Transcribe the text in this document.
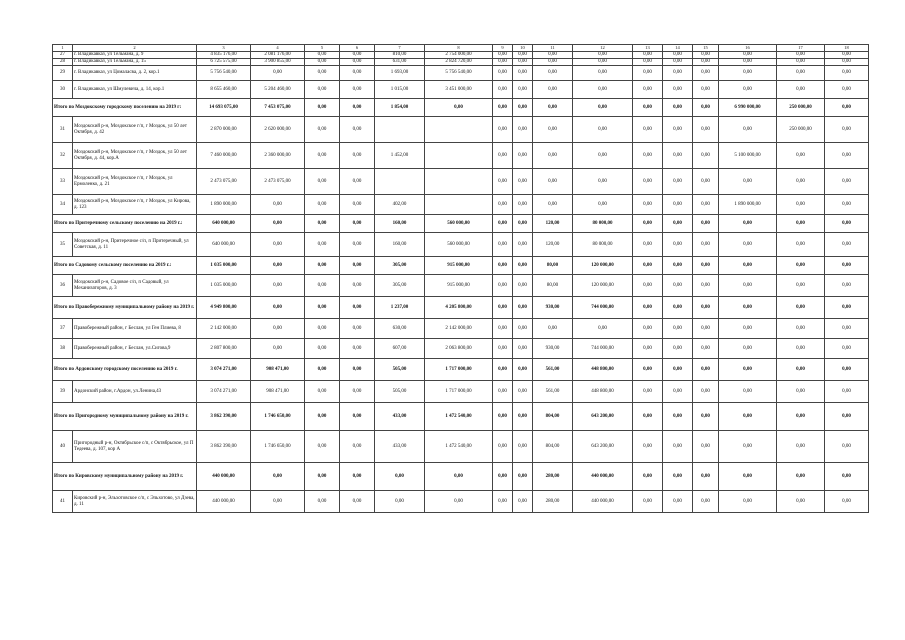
1	2	3	4	5	6	7	8	9	10	11	12	13	14	15	16	17	18
27	г. Владикавказ, ул Тельмана, д. 9	4 835 176,00	2 081 176,00	0,00	0,00	810,00	2 754 000,00	0,00	0,00	0,00	0,00	0,00	0,00	0,00	0,00	0,00	0,00
28	г. Владикавказ, ул Тельмана, д. 15	6 725 575,00	3 900 855,00	0,00	0,00	631,00	2 824 720,00	0,00	0,00	0,00	0,00	0,00	0,00	0,00	0,00	0,00	0,00
29	г. Владикавказ, ул Цомаласва, д. 2, кор.1	5 756 540,00	0,00	0,00	0,00	1 693,00	5 756 540,00	0,00	0,00	0,00	0,00	0,00	0,00	0,00	0,00	0,00	0,00
30	г. Владикавказ, ул Шмулевича, д. 14, кор.1	8 655 460,00	5 204 460,00	0,00	0,00	1 015,00	3 451 000,00	0,00	0,00	0,00	0,00	0,00	0,00	0,00	0,00	0,00	0,00
Итого по Моздокскому городскому поселению на 2019 г:		14 693 075,00	7 453 075,00	0,00	0,00	1 854,00	0,00	0,00	0,00	0,00	0,00	0,00	0,00	0,00	6 990 000,00	250 000,00	0,00
31	Моздокский р-н, Моздокское г/п, г Моздок, ул 50 лет Октября, д. 42	2 870 000,00	2 620 000,00	0,00	0,00			0,00	0,00	0,00	0,00	0,00	0,00	0,00	0,00	250 000,00	0,00
32	Моздокский р-н, Моздокское г/п, г Моздок, ул 50 лет Октября, д. 44, кор.А	7 460 000,00	2 360 000,00	0,00	0,00	1 452,00		0,00	0,00	0,00	0,00	0,00	0,00	0,00	5 100 000,00	0,00	0,00
33	Моздокский р-н, Моздокское г/п, г Моздок, ул Ермоленко, д. 21	2 473 075,00	2 473 075,00	0,00	0,00			0,00	0,00	0,00	0,00	0,00	0,00	0,00	0,00	0,00	0,00
34	Моздокский р-н, Моздокское г/п, г Моздок, ул Кирова, д. 123	1 890 000,00	0,00	0,00	0,00	402,00		0,00	0,00	0,00	0,00	0,00	0,00	0,00	1 890 000,00	0,00	0,00
Итого по Притеречному сельскому поселению на 2019 г.:		640 000,00	0,00	0,00	0,00	160,00	560 000,00	0,00	0,00	120,00	80 000,00	0,00	0,00	0,00	0,00	0,00	0,00
35	Моздокский р-н, Притеречное с/п, п Притеречный, ул Советская, д. 11	640 000,00	0,00	0,00	0,00	160,00	560 000,00	0,00	0,00	120,00	80 000,00	0,00	0,00	0,00	0,00	0,00	0,00
Итого по Садовому сельскому поселению на 2019 г.:		1 035 000,00	0,00	0,00	0,00	305,00	915 000,00	0,00	0,00	80,00	120 000,00	0,00	0,00	0,00	0,00	0,00	0,00
36	Моздокский р-н, Садовое с/п, п Садовый, ул Механизаторов, д. 3	1 035 000,00	0,00	0,00	0,00	305,00	915 000,00	0,00	0,00	80,00	120 000,00	0,00	0,00	0,00	0,00	0,00	0,00
Итого по Правобережному муниципальному району на 2019 г.		4 949 800,00	0,00	0,00	0,00	1 237,00	4 205 800,00	0,00	0,00	930,00	744 000,00	0,00	0,00	0,00	0,00	0,00	0,00
37	Правобережный район, г Беслан, ул Ген Плиева, 8	2 142 000,00	0,00	0,00	0,00	630,00	2 142 000,00	0,00	0,00	0,00	0,00	0,00	0,00	0,00	0,00	0,00	0,00
38	Правобережный район, г Беслан, ул.Сигова,9	2 807 800,00	0,00	0,00	0,00	607,00	2 063 800,00	0,00	0,00	930,00	744 000,00	0,00	0,00	0,00	0,00	0,00	0,00
Итого по Ардонскому городскому поселению на 2019 г.		3 074 271,00	908 471,00	0,00	0,00	505,00	1 717 000,00	0,00	0,00	561,00	448 800,00	0,00	0,00	0,00	0,00	0,00	0,00
39	Ардонский район, г.Ардон, ул.Ленина,43	3 074 271,00	908 471,00	0,00	0,00	505,00	1 717 000,00	0,00	0,00	561,00	448 800,00	0,00	0,00	0,00	0,00	0,00	0,00
Итого по Пригородному муниципальному району на 2019 г.		3 862 390,00	1 746 650,00	0,00	0,00	433,00	1 472 540,00	0,00	0,00	804,00	643 200,00	0,00	0,00	0,00	0,00	0,00	0,00
40	Пригородный р-н, Октябрьское с/п, с Октябрьское, ул П Тедеева, д. 107, кор А	3 862 390,00	1 746 650,00	0,00	0,00	433,00	1 472 540,00	0,00	0,00	804,00	643 200,00	0,00	0,00	0,00	0,00	0,00	0,00
Итого по Кировскому муниципальному району на 2019 г.		440 000,00	0,00	0,00	0,00	0,00	0,00	0,00	0,00	280,00	440 000,00	0,00	0,00	0,00	0,00	0,00	0,00
41	Кировский р-н, Эльхотовское с/п, с Эльхотово, ул Дзева, д. 11	440 000,00	0,00	0,00	0,00	0,00	0,00	0,00	0,00	280,00	440 000,00	0,00	0,00	0,00	0,00	0,00	0,00
